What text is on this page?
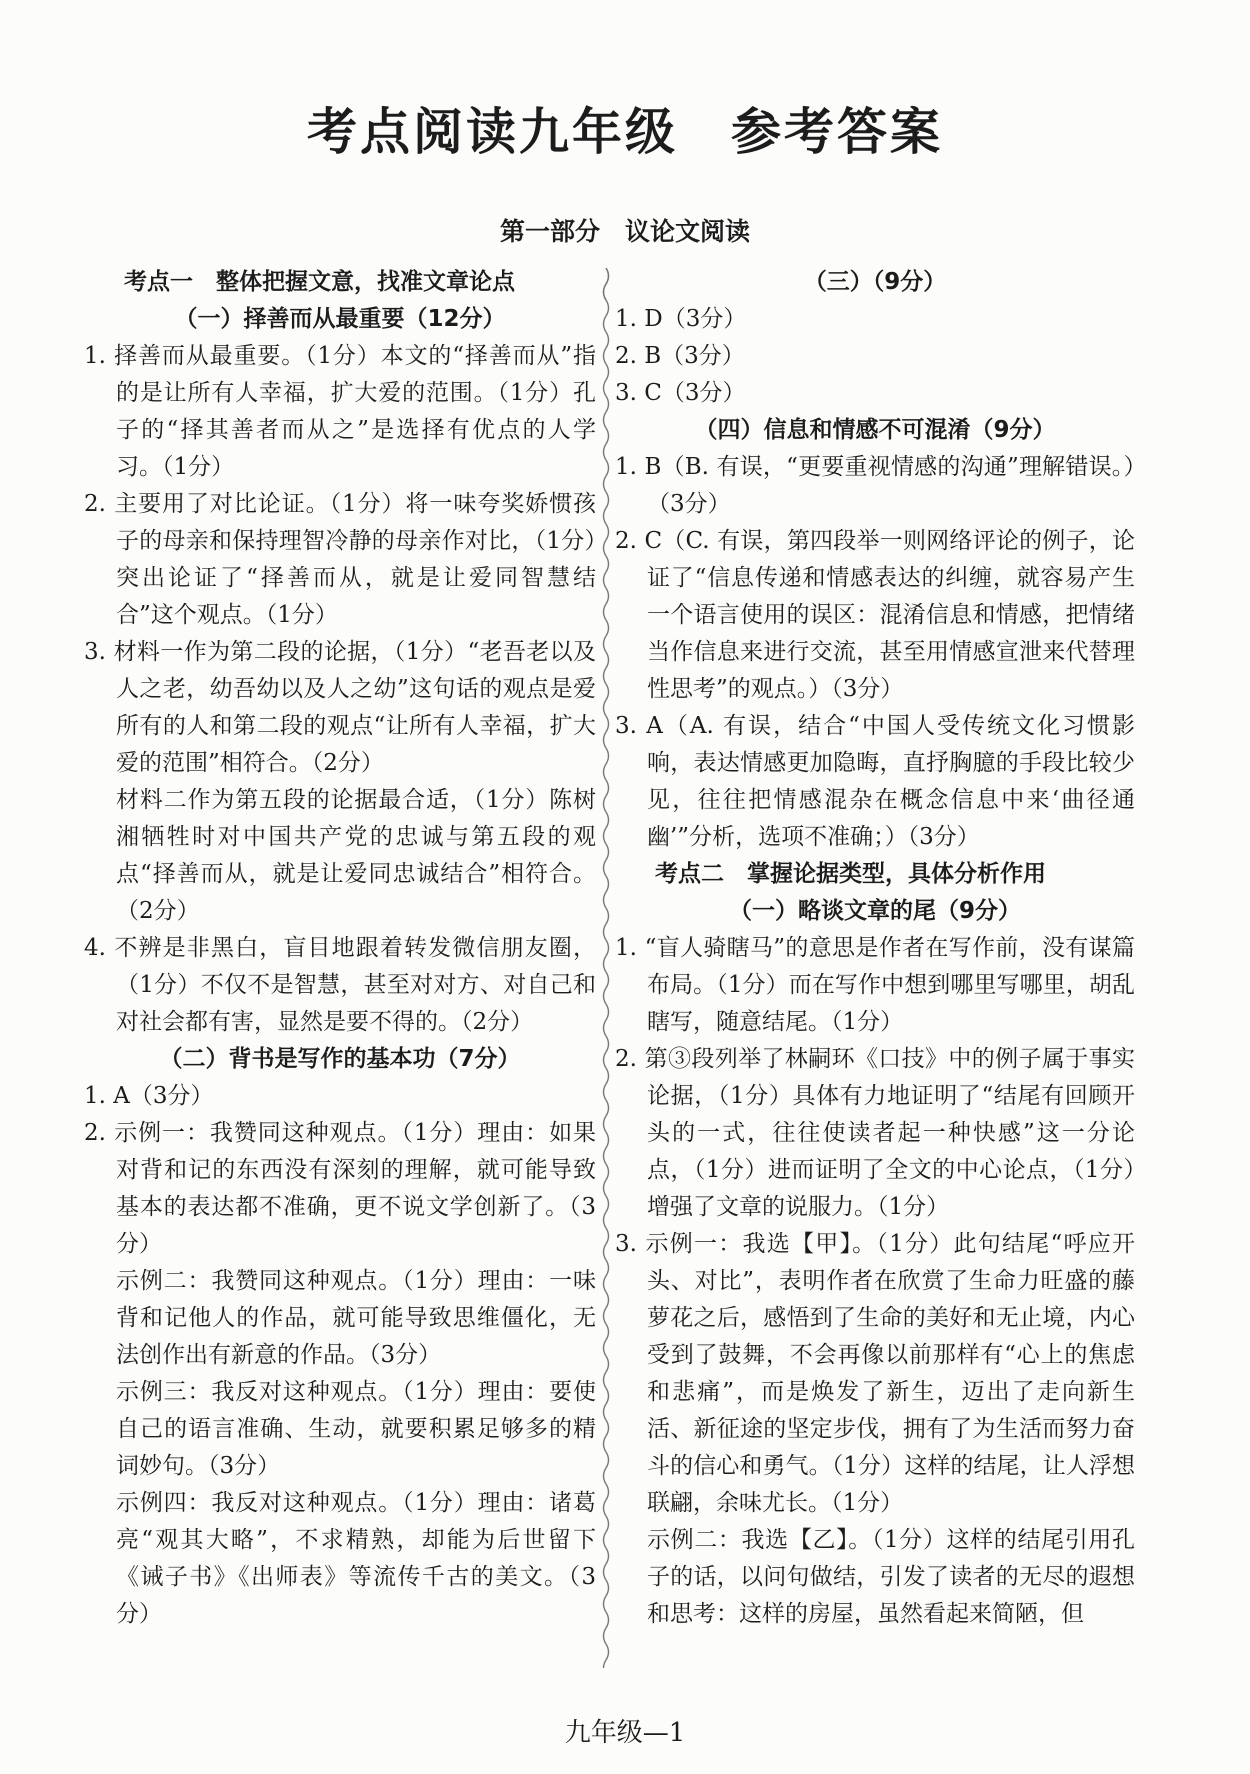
考点阅读九年级　参考答案
第一部分　议论文阅读
考点一　整体把握文意，找准文章论点
（一）择善而从最重要（12分）
1. 择善而从最重要。（1分）本文的“择善而从”指的是让所有人幸福，扩大爱的范围。（1分）孔子的“择其善者而从之”是选择有优点的人学习。（1分）
2. 主要用了对比论证。（1分）将一味夸奖娇惯孩子的母亲和保持理智冷静的母亲作对比，（1分）突出论证了“择善而从，就是让爱同智慧结合”这个观点。（1分）
3. 材料一作为第二段的论据，（1分）“老吾老以及人之老，幼吾幼以及人之幼”这句话的观点是爱所有的人和第二段的观点“让所有人幸福，扩大爱的范围”相符合。（2分）
材料二作为第五段的论据最合适，（1分）陈树湘牺牲时对中国共产党的忠诚与第五段的观点“择善而从，就是让爱同忠诚结合”相符合。（2分）
4. 不辨是非黑白，盲目地跟着转发微信朋友圈，（1分）不仅不是智慧，甚至对对方、对自己和对社会都有害，显然是要不得的。（2分）
（二）背书是写作的基本功（7分）
1. A（3分）
2. 示例一：我赞同这种观点。（1分）理由：如果对背和记的东西没有深刻的理解，就可能导致基本的表达都不准确，更不说文学创新了。（3分）
示例二：我赞同这种观点。（1分）理由：一味背和记他人的作品，就可能导致思维僵化，无法创作出有新意的作品。（3分）
示例三：我反对这种观点。（1分）理由：要使自己的语言准确、生动，就要积累足够多的精词妙句。（3分）
示例四：我反对这种观点。（1分）理由：诸葛亮“观其大略”，不求精熟，却能为后世留下《诫子书》《出师表》等流传千古的美文。（3分）
（三）（9分）
1. D（3分）
2. B（3分）
3. C（3分）
（四）信息和情感不可混淆（9分）
1. B（B. 有误，“更要重视情感的沟通”理解错误。）（3分）
2. C（C. 有误，第四段举一则网络评论的例子，论证了“信息传递和情感表达的纠缠，就容易产生一个语言使用的误区：混淆信息和情感，把情绪当作信息来进行交流，甚至用情感宣泄来代替理性思考”的观点。）（3分）
3. A（A. 有误，结合“中国人受传统文化习惯影响，表达情感更加隐晦，直抒胸臆的手段比较少见，往往把情感混杂在概念信息中来‘曲径通幽’”分析，选项不准确；）（3分）
考点二　掌握论据类型，具体分析作用
（一）略谈文章的尾（9分）
1. “盲人骑瞎马”的意思是作者在写作前，没有谋篇布局。（1分）而在写作中想到哪里写哪里，胡乱瞎写，随意结尾。（1分）
2. 第③段列举了林嗣环《口技》中的例子属于事实论据，（1分）具体有力地证明了“结尾有回顾开头的一式，往往使读者起一种快感”这一分论点，（1分）进而证明了全文的中心论点，（1分）增强了文章的说服力。（1分）
3. 示例一：我选【甲】。（1分）此句结尾“呼应开头、对比”，表明作者在欣赏了生命力旺盛的藤萝花之后，感悟到了生命的美好和无止境，内心受到了鼓舞，不会再像以前那样有“心上的焦虑和悲痛”，而是焕发了新生，迈出了走向新生活、新征途的坚定步伐，拥有了为生活而努力奋斗的信心和勇气。（1分）这样的结尾，让人浮想联翩，余味尤长。（1分）
示例二：我选【乙】。（1分）这样的结尾引用孔子的话，以问句做结，引发了读者的无尽的遐想和思考：这样的房屋，虽然看起来简陋，但
九年级—1
